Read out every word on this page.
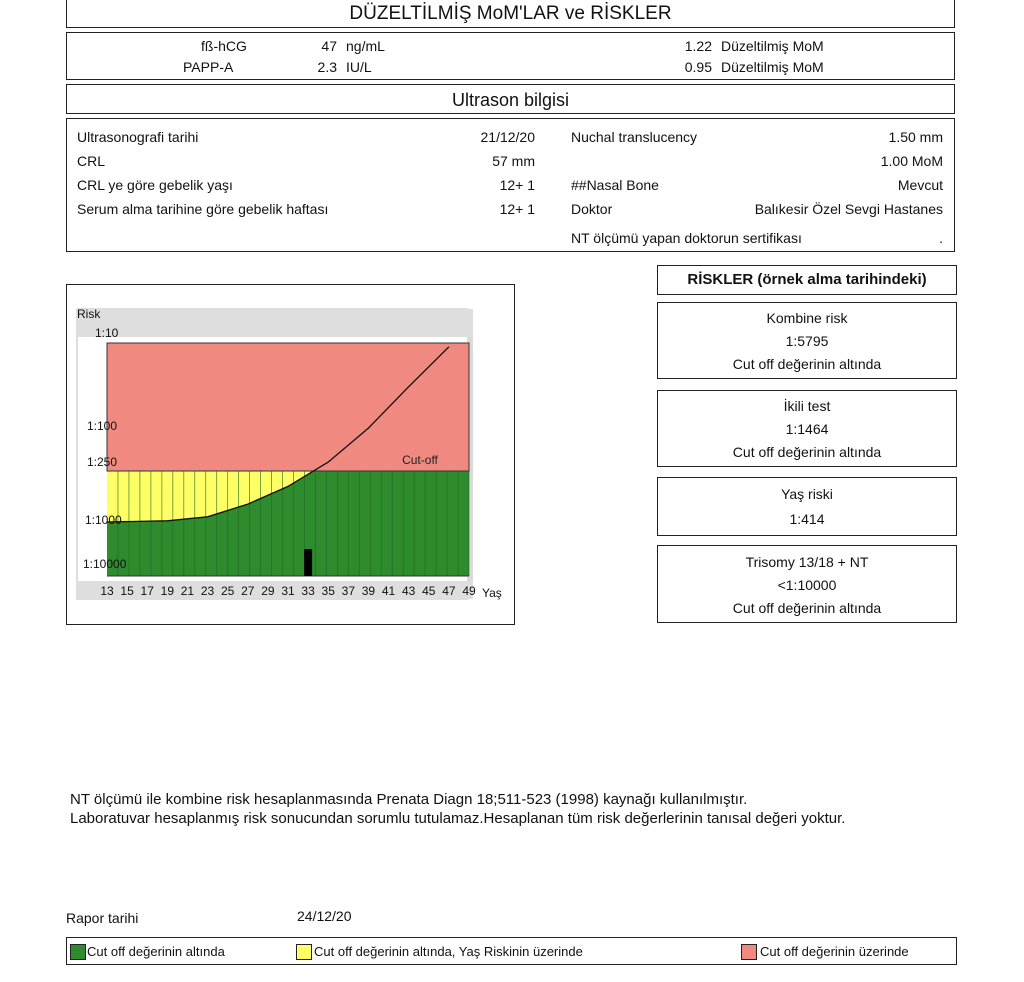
DÜZELTİLMİŞ MoM'LAR ve RİSKLER
fß-hCG	47 ng/mL	1.22 Düzeltilmiş MoM
PAPP-A	2.3 IU/L	0.95 Düzeltilmiş MoM
Ultrason bilgisi
Ultrasonografi tarihi	21/12/20
CRL	57 mm
CRL ye göre gebelik yaşı	12+ 1
Serum alma tarihine göre gebelik haftası	12+ 1
Nuchal translucency	1.50 mm
1.00 MoM
##Nasal Bone	Mevcut
Doktor	Balıkesir Özel Sevgi Hastanes
NT ölçümü yapan doktorun sertifikası	.
Cut-off
Risk
Yaş
1:10
1:100
1:250
1:1000
1:10000
13 15 17 19 21 23 25 27 29 31 33 35 37 39 41 43 45 47 49
RİSKLER (örnek alma tarihindeki)
Kombine risk
1:5795
Cut off değerinin altında
İkili test
1:1464
Cut off değerinin altında
Yaş riski
1:414
Trisomy 13/18 + NT
<1:10000
Cut off değerinin altında
NT ölçümü ile kombine risk hesaplanmasında Prenata Diagn 18;511-523 (1998) kaynağı kullanılmıştır.
Laboratuvar hesaplanmış risk sonucundan sorumlu tutulamaz.Hesaplanan tüm risk değerlerinin tanısal değeri yoktur.
Rapor tarihi	24/12/20
Cut off değerinin altında	Cut off değerinin altında, Yaş Riskinin üzerinde	Cut off değerinin üzerinde
